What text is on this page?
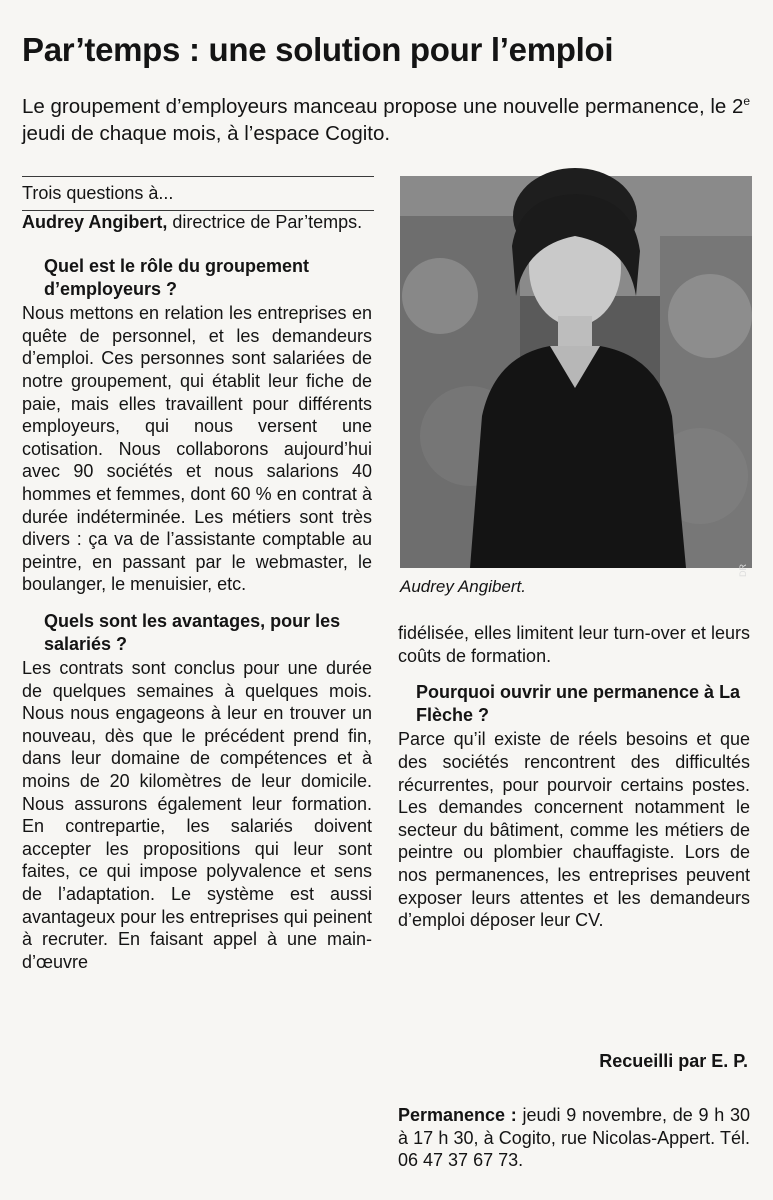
Par’temps : une solution pour l’emploi

Le groupement d’employeurs manceau propose une nouvelle permanence, le 2e jeudi de chaque mois, à l’espace Cogito.

Trois questions à...

Audrey Angibert, directrice de Par’temps.

Quel est le rôle du groupement d’employeurs ?

Nous mettons en relation les entreprises en quête de personnel, et les demandeurs d’emploi. Ces personnes sont salariées de notre groupement, qui établit leur fiche de paie, mais elles travaillent pour différents employeurs, qui nous versent une cotisation. Nous collaborons aujourd’hui avec 90 sociétés et nous salarions 40 hommes et femmes, dont 60 % en contrat à durée indéterminée. Les métiers sont très divers : ça va de l’assistante comptable au peintre, en passant par le webmaster, le boulanger, le menuisier, etc.

Quels sont les avantages, pour les salariés ?

Les contrats sont conclus pour une durée de quelques semaines à quelques mois. Nous nous engageons à leur en trouver un nouveau, dès que le précédent prend fin, dans leur domaine de compétences et à moins de 20 kilomètres de leur domicile. Nous assurons également leur formation. En contrepartie, les salariés doivent accepter les propositions qui leur sont faites, ce qui impose polyvalence et sens de l’adaptation. Le système est aussi avantageux pour les entreprises qui peinent à recruter. En faisant appel à une main-d’œuvre

DR
Audrey Angibert.

fidélisée, elles limitent leur turn-over et leurs coûts de formation.

Pourquoi ouvrir une permanence à La Flèche ?

Parce qu’il existe de réels besoins et que des sociétés rencontrent des difficultés récurrentes, pour pourvoir certains postes. Les demandes concernent notamment le secteur du bâtiment, comme les métiers de peintre ou plombier chauffagiste. Lors de nos permanences, les entreprises peuvent exposer leurs attentes et les demandeurs d’emploi déposer leur CV.

Recueilli par E. P.

Permanence : jeudi 9 novembre, de 9 h 30 à 17 h 30, à Cogito, rue Nicolas-Appert. Tél. 06 47 37 67 73.
